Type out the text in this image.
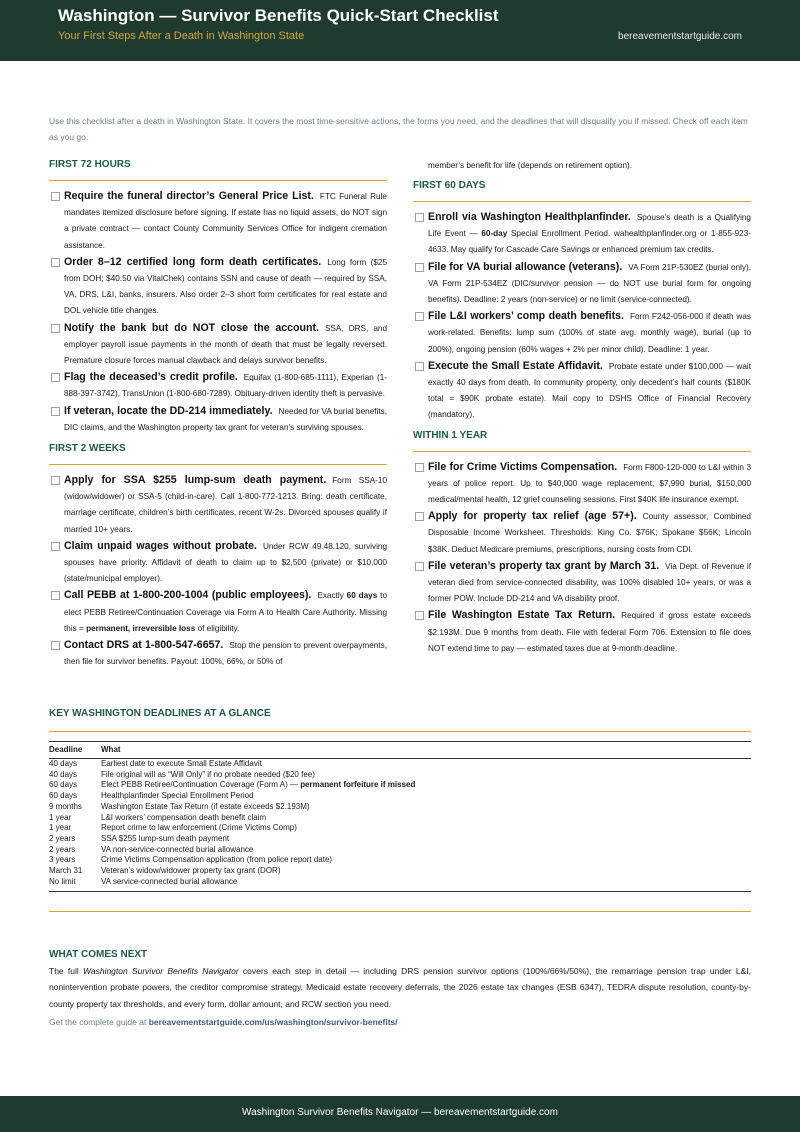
Washington — Survivor Benefits Quick-Start Checklist
Your First Steps After a Death in Washington State	bereavementstartguide.com
Use this checklist after a death in Washington State. It covers the most time-sensitive actions, the forms you need, and the deadlines that will disqualify you if missed. Check off each item as you go.
FIRST 72 HOURS
Require the funeral director’s General Price List. FTC Funeral Rule mandates itemized disclosure before signing. If estate has no liquid assets, do NOT sign a private contract — contact County Community Services Office for indigent cremation assistance.
Order 8–12 certified long form death certificates. Long form ($25 from DOH; $40.50 via VitalChek) contains SSN and cause of death — required by SSA, VA, DRS, L&I, banks, insurers. Also order 2–3 short form certificates for real estate and DOL vehicle title changes.
Notify the bank but do NOT close the account. SSA, DRS, and employer payroll issue payments in the month of death that must be legally reversed. Premature closure forces manual clawback and delays survivor benefits.
Flag the deceased’s credit profile. Equifax (1-800-685-1111), Experian (1-888-397-3742), TransUnion (1-800-680-7289). Obituary-driven identity theft is pervasive.
If veteran, locate the DD-214 immediately. Needed for VA burial benefits, DIC claims, and the Washington property tax grant for veteran’s surviving spouses.
FIRST 2 WEEKS
Apply for SSA $255 lump-sum death payment. Form SSA-10 (widow/widower) or SSA-5 (child-in-care). Call 1-800-772-1213. Bring: death certificate, marriage certificate, children’s birth certificates, recent W-2s. Divorced spouses qualify if married 10+ years.
Claim unpaid wages without probate. Under RCW 49.48.120, surviving spouses have priority. Affidavit of death to claim up to $2,500 (private) or $10,000 (state/municipal employer).
Call PEBB at 1-800-200-1004 (public employees). Exactly 60 days to elect PEBB Retiree/Continuation Coverage via Form A to Health Care Authority. Missing this = permanent, irreversible loss of eligibility.
Contact DRS at 1-800-547-6657. Stop the pension to prevent overpayments, then file for survivor benefits. Payout: 100%, 66%, or 50% of
member’s benefit for life (depends on retirement option).
FIRST 60 DAYS
Enroll via Washington Healthplanfinder. Spouse’s death is a Qualifying Life Event — 60-day Special Enrollment Period. wahealthplanfinder.org or 1-855-923-4633. May qualify for Cascade Care Savings or enhanced premium tax credits.
File for VA burial allowance (veterans). VA Form 21P-530EZ (burial only). VA Form 21P-534EZ (DIC/survivor pension — do NOT use burial form for ongoing benefits). Deadline: 2 years (non-service) or no limit (service-connected).
File L&I workers’ comp death benefits. Form F242-056-000 if death was work-related. Benefits: lump sum (100% of state avg. monthly wage), burial (up to 200%), ongoing pension (60% wages + 2% per minor child). Deadline: 1 year.
Execute the Small Estate Affidavit. Probate estate under $100,000 — wait exactly 40 days from death. In community property, only decedent’s half counts ($180K total = $90K probate estate). Mail copy to DSHS Office of Financial Recovery (mandatory).
WITHIN 1 YEAR
File for Crime Victims Compensation. Form F800-120-000 to L&I within 3 years of police report. Up to $40,000 wage replacement, $7,990 burial, $150,000 medical/mental health, 12 grief counseling sessions. First $40K life insurance exempt.
Apply for property tax relief (age 57+). County assessor, Combined Disposable Income Worksheet. Thresholds: King Co. $76K; Spokane $56K; Lincoln $38K. Deduct Medicare premiums, prescriptions, nursing costs from CDI.
File veteran’s property tax grant by March 31. Via Dept. of Revenue if veteran died from service-connected disability, was 100% disabled 10+ years, or was a former POW. Include DD-214 and VA disability proof.
File Washington Estate Tax Return. Required if gross estate exceeds $2.193M. Due 9 months from death. File with federal Form 706. Extension to file does NOT extend time to pay — estimated taxes due at 9-month deadline.
KEY WASHINGTON DEADLINES AT A GLANCE
Deadline	What
40 days	Earliest date to execute Small Estate Affidavit
40 days	File original will as “Will Only” if no probate needed ($20 fee)
60 days	Elect PEBB Retiree/Continuation Coverage (Form A) — permanent forfeiture if missed
60 days	Healthplanfinder Special Enrollment Period
9 months	Washington Estate Tax Return (if estate exceeds $2.193M)
1 year	L&I workers’ compensation death benefit claim
1 year	Report crime to law enforcement (Crime Victims Comp)
2 years	SSA $255 lump-sum death payment
2 years	VA non-service-connected burial allowance
3 years	Crime Victims Compensation application (from police report date)
March 31	Veteran’s widow/widower property tax grant (DOR)
No limit	VA service-connected burial allowance
WHAT COMES NEXT

The full Washington Survivor Benefits Navigator covers each step in detail — including DRS pension survivor options (100%/66%/50%), the remarriage pension trap under L&I, nonintervention probate powers, the creditor compromise strategy, Medicaid estate recovery deferrals, the 2026 estate tax changes (ESB 6347), TEDRA dispute resolution, county-by-county property tax thresholds, and every form, dollar amount, and RCW section you need.

Get the complete guide at bereavementstartguide.com/us/washington/survivor-benefits/

Washington Survivor Benefits Navigator — bereavementstartguide.com
